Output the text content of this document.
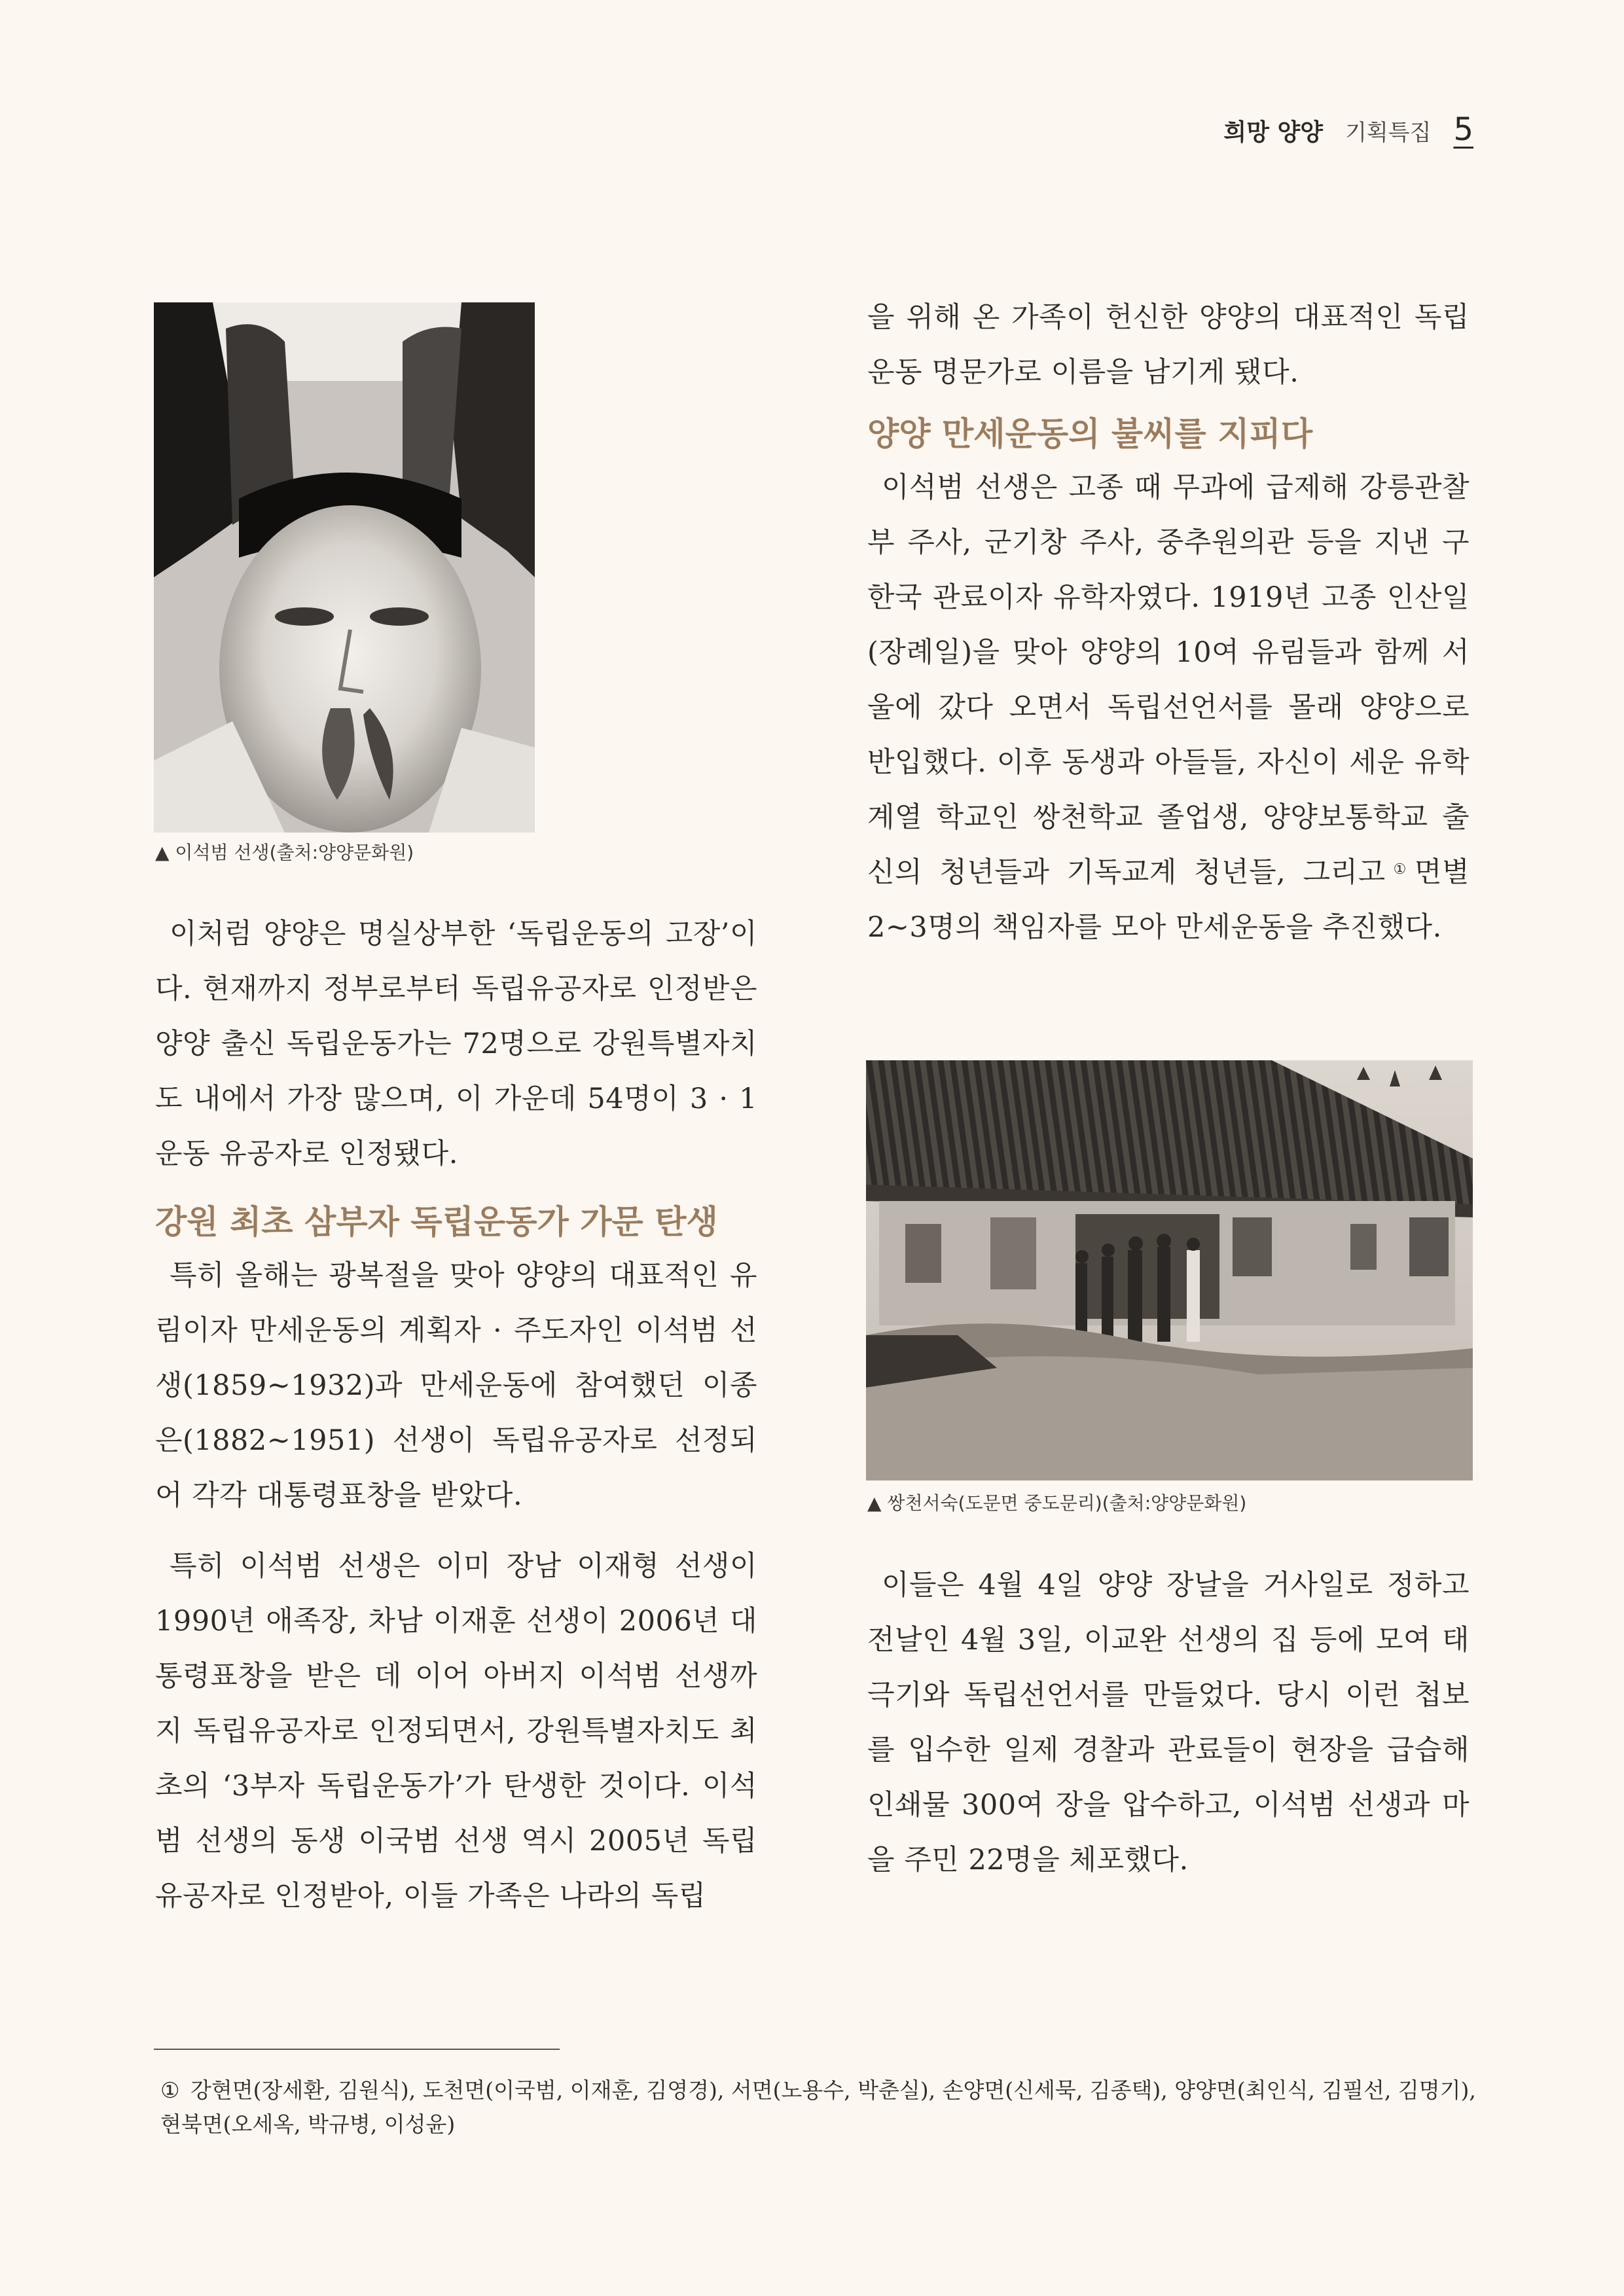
희망 양양 기획특집 5
▲ 이석범 선생(출처:양양문화원)

이처럼 양양은 명실상부한 ‘독립운동의 고장’이다. 현재까지 정부로부터 독립유공자로 인정받은 양양 출신 독립운동가는 72명으로 강원특별자치도 내에서 가장 많으며, 이 가운데 54명이 3 · 1운동 유공자로 인정됐다.

강원 최초 삼부자 독립운동가 가문 탄생

특히 올해는 광복절을 맞아 양양의 대표적인 유림이자 만세운동의 계획자 · 주도자인 이석범 선생(1859~1932)과 만세운동에 참여했던 이종은(1882~1951) 선생이 독립유공자로 선정되어 각각 대통령표창을 받았다.

특히 이석범 선생은 이미 장남 이재형 선생이 1990년 애족장, 차남 이재훈 선생이 2006년 대통령표창을 받은 데 이어 아버지 이석범 선생까지 독립유공자로 인정되면서, 강원특별자치도 최초의 ‘3부자 독립운동가’가 탄생한 것이다. 이석범 선생의 동생 이국범 선생 역시 2005년 독립유공자로 인정받아, 이들 가족은 나라의 독립

을 위해 온 가족이 헌신한 양양의 대표적인 독립운동 명문가로 이름을 남기게 됐다.

양양 만세운동의 불씨를 지피다

이석범 선생은 고종 때 무과에 급제해 강릉관찰부 주사, 군기창 주사, 중추원의관 등을 지낸 구한국 관료이자 유학자였다. 1919년 고종 인산일(장례일)을 맞아 양양의 10여 유림들과 함께 서울에 갔다 오면서 독립선언서를 몰래 양양으로 반입했다. 이후 동생과 아들들, 자신이 세운 유학 계열 학교인 쌍천학교 졸업생, 양양보통학교 출신의 청년들과 기독교계 청년들, 그리고①면별 2~3명의 책임자를 모아 만세운동을 추진했다.

▲ 쌍천서숙(도문면 중도문리)(출처:양양문화원)

이들은 4월 4일 양양 장날을 거사일로 정하고 전날인 4월 3일, 이교완 선생의 집 등에 모여 태극기와 독립선언서를 만들었다. 당시 이런 첩보를 입수한 일제 경찰과 관료들이 현장을 급습해 인쇄물 300여 장을 압수하고, 이석범 선생과 마을 주민 22명을 체포했다.

① 강현면(장세환, 김원식), 도천면(이국범, 이재훈, 김영경), 서면(노용수, 박춘실), 손양면(신세묵, 김종택), 양양면(최인식, 김필선, 김명기), 현북면(오세옥, 박규병, 이성윤)
